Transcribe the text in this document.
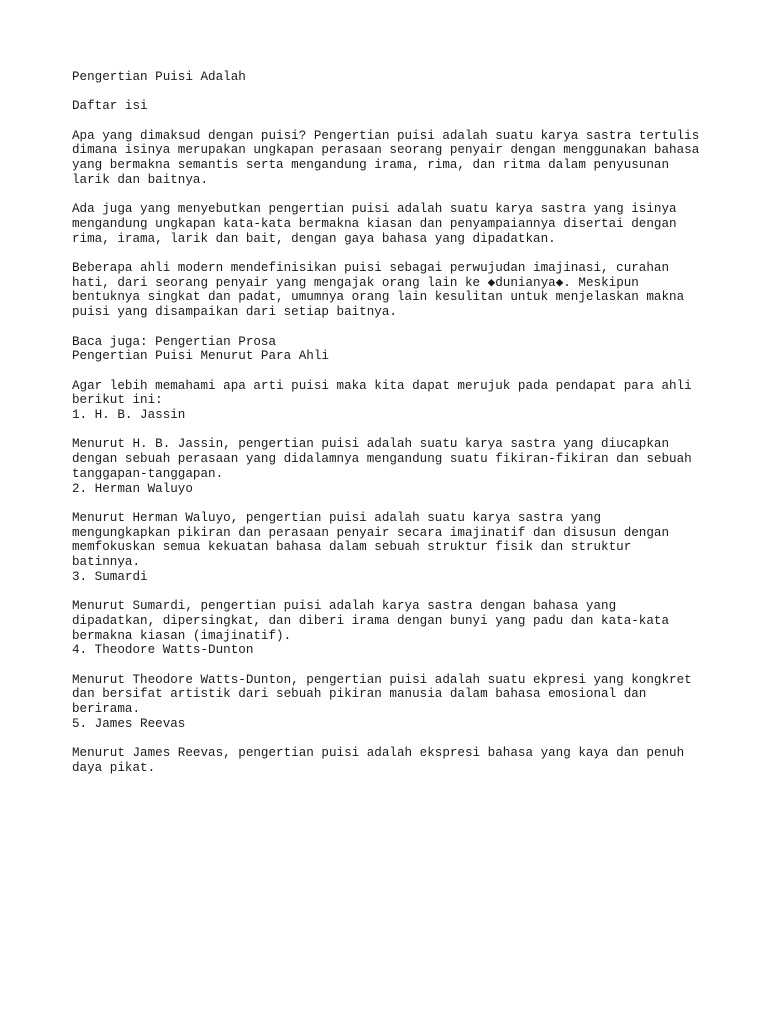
Pengertian Puisi Adalah
Daftar isi
Apa yang dimaksud dengan puisi? Pengertian puisi adalah suatu karya sastra tertulis
dimana isinya merupakan ungkapan perasaan seorang penyair dengan menggunakan bahasa
yang bermakna semantis serta mengandung irama, rima, dan ritma dalam penyusunan
larik dan baitnya.
Ada juga yang menyebutkan pengertian puisi adalah suatu karya sastra yang isinya
mengandung ungkapan kata-kata bermakna kiasan dan penyampaiannya disertai dengan
rima, irama, larik dan bait, dengan gaya bahasa yang dipadatkan.
Beberapa ahli modern mendefinisikan puisi sebagai perwujudan imajinasi, curahan
hati, dari seorang penyair yang mengajak orang lain ke ◆dunianya◆. Meskipun
bentuknya singkat dan padat, umumnya orang lain kesulitan untuk menjelaskan makna
puisi yang disampaikan dari setiap baitnya.
Baca juga: Pengertian Prosa
Pengertian Puisi Menurut Para Ahli
Agar lebih memahami apa arti puisi maka kita dapat merujuk pada pendapat para ahli
berikut ini:
1. H. B. Jassin
Menurut H. B. Jassin, pengertian puisi adalah suatu karya sastra yang diucapkan
dengan sebuah perasaan yang didalamnya mengandung suatu fikiran-fikiran dan sebuah
tanggapan-tanggapan.
2. Herman Waluyo
Menurut Herman Waluyo, pengertian puisi adalah suatu karya sastra yang
mengungkapkan pikiran dan perasaan penyair secara imajinatif dan disusun dengan
memfokuskan semua kekuatan bahasa dalam sebuah struktur fisik dan struktur
batinnya.
3. Sumardi
Menurut Sumardi, pengertian puisi adalah karya sastra dengan bahasa yang
dipadatkan, dipersingkat, dan diberi irama dengan bunyi yang padu dan kata-kata
bermakna kiasan (imajinatif).
4. Theodore Watts-Dunton
Menurut Theodore Watts-Dunton, pengertian puisi adalah suatu ekpresi yang kongkret
dan bersifat artistik dari sebuah pikiran manusia dalam bahasa emosional dan
berirama.
5. James Reevas
Menurut James Reevas, pengertian puisi adalah ekspresi bahasa yang kaya dan penuh
daya pikat.
